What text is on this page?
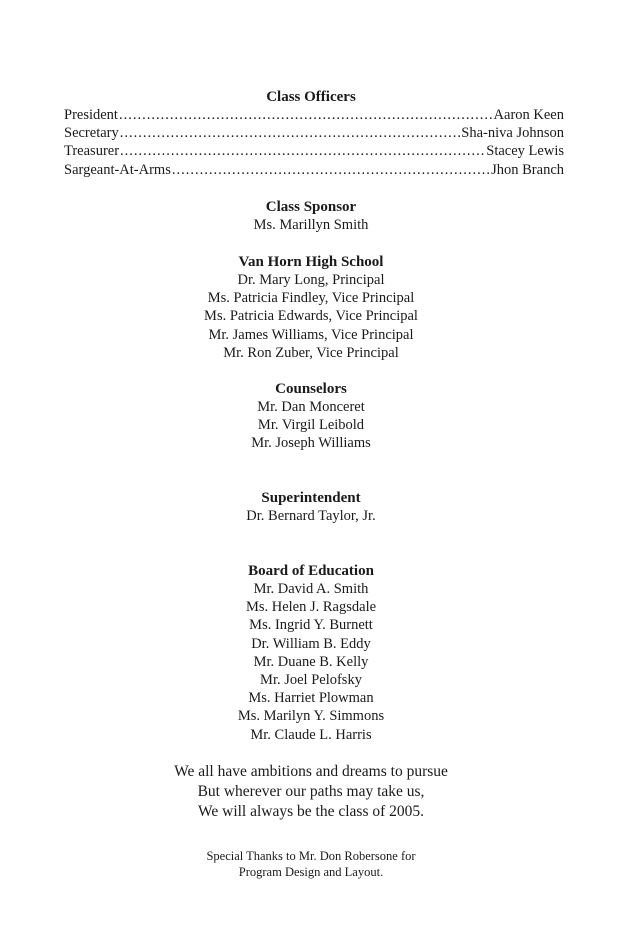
Class Officers
President .....	Aaron Keen
Secretary .....	Sha-niva Johnson
Treasurer .....	Stacey Lewis
Sargeant-At-Arms .....	Jhon Branch
Class Sponsor
Ms. Marillyn Smith
Van Horn High School
Dr. Mary Long, Principal
Ms. Patricia Findley, Vice Principal
Ms. Patricia Edwards, Vice Principal
Mr. James Williams, Vice Principal
Mr. Ron Zuber, Vice Principal
Counselors
Mr. Dan Monceret
Mr. Virgil Leibold
Mr. Joseph Williams
Superintendent
Dr. Bernard Taylor, Jr.
Board of Education
Mr. David A. Smith
Ms. Helen J. Ragsdale
Ms. Ingrid Y. Burnett
Dr. William B. Eddy
Mr. Duane B. Kelly
Mr. Joel Pelofsky
Ms. Harriet Plowman
Ms. Marilyn Y. Simmons
Mr. Claude L. Harris
We all have ambitions and dreams to pursue
But wherever our paths may take us,
We will always be the class of 2005.
Special Thanks to Mr. Don Robersone for
Program Design and Layout.
